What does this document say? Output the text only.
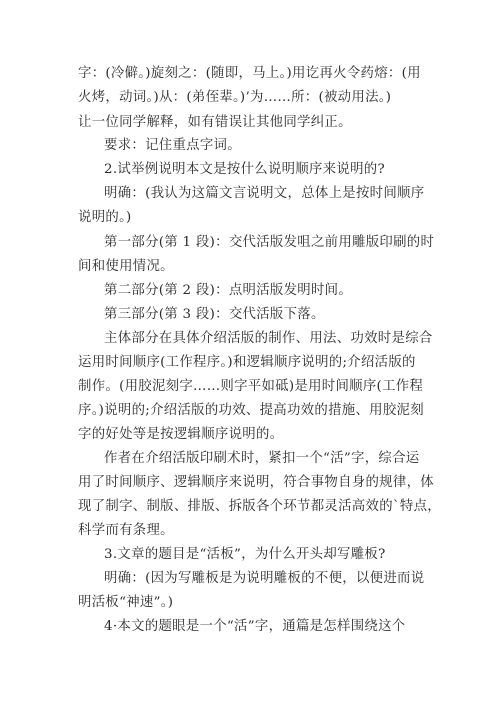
字：(冷僻。)旋刻之：(随即，马上。)用讫再火令药熔：(用
火烤，动词。)从：(弟侄辈。)’为……所：(被动用法。)
让一位同学解释，如有错误让其他同学纠正。
要求：记住重点字词。
2.试举例说明本文是按什么说明顺序来说明的?
明确：(我认为这篇文言说明文，总体上是按时间顺序
说明的。)
第一部分(第 1 段)：交代活版发咀之前用雕版印刷的时
间和使用情况。
第二部分(第 2 段)：点明活版发明时间。
第三部分(第 3 段)：交代活版下落。
主体部分在具体介绍活版的制作、用法、功效时是综合
运用时间顺序(工作程序。)和逻辑顺序说明的;介绍活版的
制作。(用胶泥刻字……则字平如砥)是用时间顺序(工作程
序。)说明的;介绍活版的功效、提高功效的措施、用胶泥刻
字的好处等是按逻辑顺序说明的。
作者在介绍活版印刷术时，紧扣一个“活”字，综合运
用了时间顺序、逻辑顺序来说明，符合事物自身的规律，体
现了制字、制版、排版、拆版各个环节都灵活高效的`特点，
科学而有条理。
3.文章的题目是“活板”，为什么开头却写雕板?
明确：(因为写雕板是为说明雕板的不便，以便进而说
明活板“神速”。)
4·本文的题眼是一个“活”字，通篇是怎样围绕这个
